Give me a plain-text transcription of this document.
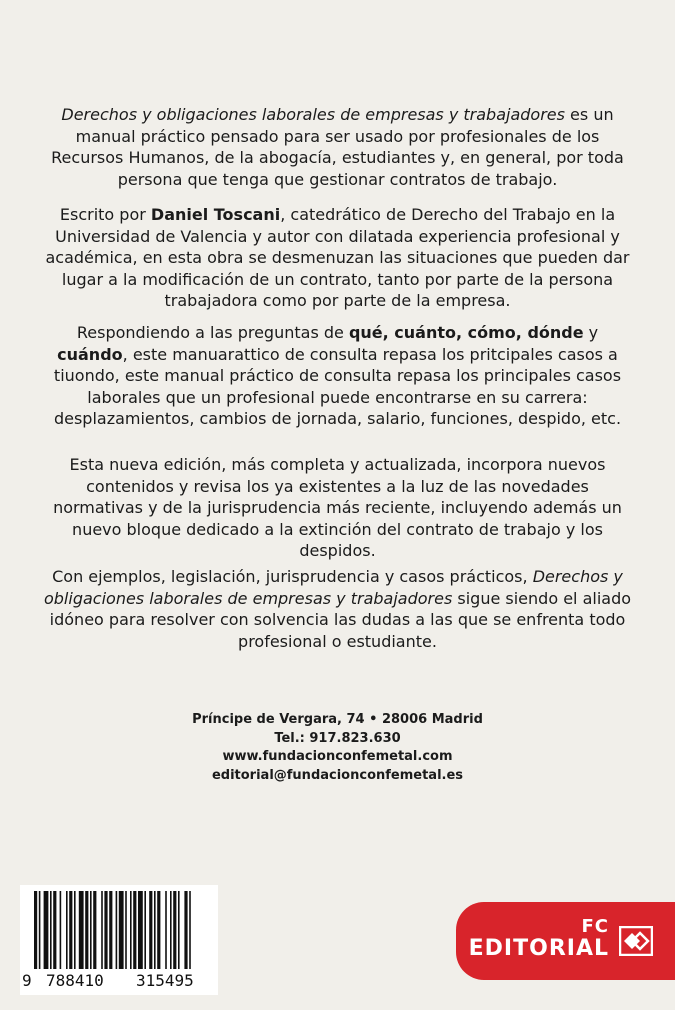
Derechos y obligaciones laborales de empresas y trabajadores es un manual práctico pensado para ser usado por profesionales de los Recursos Humanos, de la abogacía, estudiantes y, en general, por toda persona que tenga que gestionar contratos de trabajo.

Escrito por Daniel Toscani, catedrático de Derecho del Trabajo en la Universidad de Valencia y autor con dilatada experiencia profesional y académica, en esta obra se desmenuzan las situaciones que pueden dar lugar a la modificación de un contrato, tanto por parte de la persona trabajadora como por parte de la empresa.

Respondiendo a las preguntas de qué, cuánto, cómo, dónde y cuándo, este manuarattico de consulta repasa los pritcipales casos a tiuondo, este manual práctico de consulta repasa los principales casos laborales que un profesional puede encontrarse en su carrera: desplazamientos, cambios de jornada, salario, funciones, despido, etc.

Esta nueva edición, más completa y actualizada, incorpora nuevos contenidos y revisa los ya existentes a la luz de las novedades normativas y de la jurisprudencia más reciente, incluyendo además un nuevo bloque dedicado a la extinción del contrato de trabajo y los despidos.

Con ejemplos, legislación, jurisprudencia y casos prácticos, Derechos y obligaciones laborales de empresas y trabajadores sigue siendo el aliado idóneo para resolver con solvencia las dudas a las que se enfrenta todo profesional o estudiante.

Príncipe de Vergara, 74 • 28006 Madrid
Tel.: 917.823.630
www.fundacionconfemetal.com
editorial@fundacionconfemetal.es
9 788410 315495
FC
EDITORIAL
